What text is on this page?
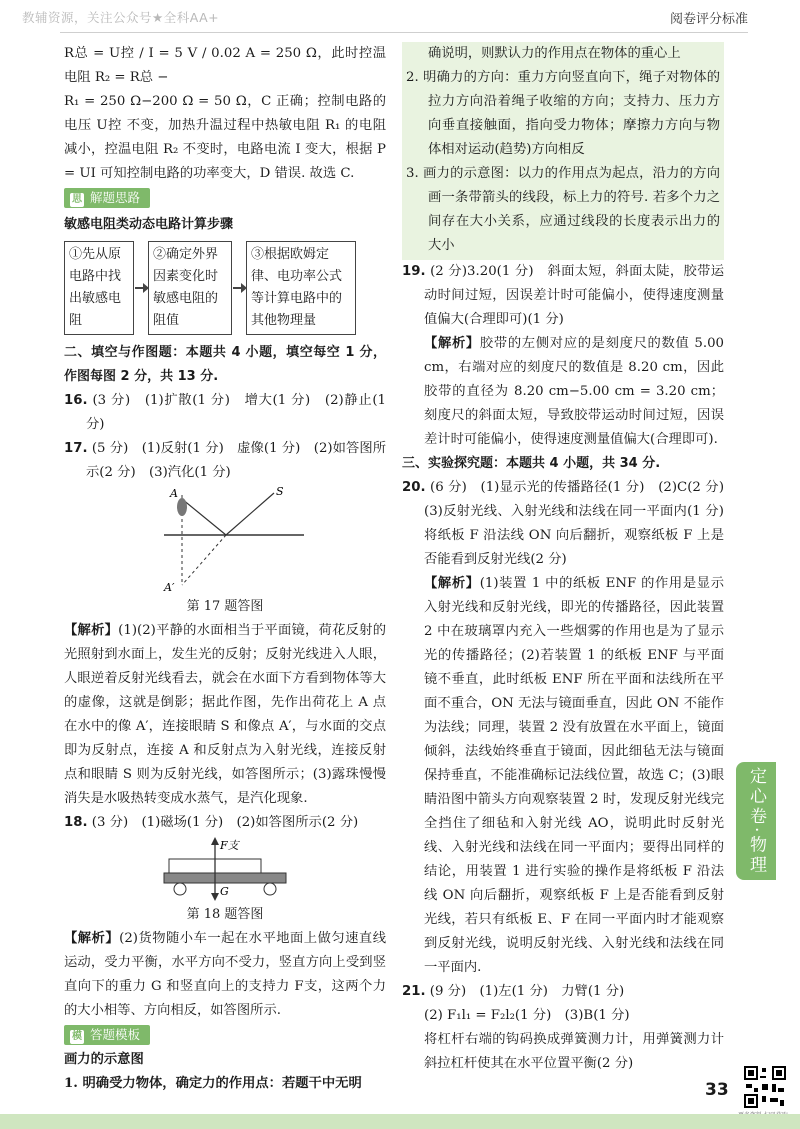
教辅资源，关注公众号★全科AA+	阅卷评分标准

R总 = U控 / I = 5 V / 0.02 A = 250 Ω，此时控温电阻 R₂ = R总 −

R₁ = 250 Ω−200 Ω = 50 Ω，C 正确；控制电路的电压 U控 不变，加热升温过程中热敏电阻 R₁ 的电阻减小，控温电阻 R₂ 不变时，电路电流 I 变大，根据 P = UI 可知控制电路的功率变大，D 错误. 故选 C.

思 解题思路
敏感电阻类动态电路计算步骤
①先从原电路中找出敏感电阻
②确定外界因素变化时敏感电阻的阻值
③根据欧姆定律、电功率公式等计算电路中的其他物理量

二、填空与作图题：本题共 4 小题，填空每空 1 分，作图每图 2 分，共 13 分.

16. (3 分)　(1)扩散(1 分)　增大(1 分)　(2)静止(1 分)

17. (5 分)　(1)反射(1 分)　虚像(1 分)　(2)如答图所示(2 分)　(3)汽化(1 分)

A	S
A′

第 17 题答图

【解析】(1)(2)平静的水面相当于平面镜，荷花反射的光照射到水面上，发生光的反射；反射光线进入人眼，人眼逆着反射光线看去，就会在水面下方看到物体等大的虚像，这就是倒影；据此作图，先作出荷花上 A 点在水中的像 A′，连接眼睛 S 和像点 A′，与水面的交点即为反射点，连接 A 和反射点为入射光线，连接反射点和眼睛 S 则为反射光线，如答图所示；(3)露珠慢慢消失是水吸热转变成水蒸气，是汽化现象.

18. (3 分)　(1)磁场(1 分)　(2)如答图所示(2 分)

F支
G

第 18 题答图

【解析】(2)货物随小车一起在水平地面上做匀速直线运动，受力平衡，水平方向不受力，竖直方向上受到竖直向下的重力 G 和竖直向上的支持力 F支，这两个力的大小相等、方向相反，如答图所示.

模 答题模板

画力的示意图

1. 明确受力物体，确定力的作用点：若题干中无明

确说明，则默认力的作用点在物体的重心上

2. 明确力的方向：重力方向竖直向下，绳子对物体的拉力方向沿着绳子收缩的方向；支持力、压力方向垂直接触面，指向受力物体；摩擦力方向与物体相对运动(趋势)方向相反

3. 画力的示意图：以力的作用点为起点，沿力的方向画一条带箭头的线段，标上力的符号. 若多个力之间存在大小关系，应通过线段的长度表示出力的大小

19. (2 分)3.20(1 分)　斜面太短，斜面太陡，胶带运动时间过短，因误差计时可能偏小，使得速度测量值偏大(合理即可)(1 分)

【解析】胶带的左侧对应的是刻度尺的数值 5.00 cm，右端对应的刻度尺的数值是 8.20 cm，因此胶带的直径为 8.20 cm−5.00 cm = 3.20 cm；刻度尺的斜面太短，导致胶带运动时间过短，因误差计时可能偏小，使得速度测量值偏大(合理即可).

三、实验探究题：本题共 4 小题，共 34 分.

20. (6 分)　(1)显示光的传播路径(1 分)　(2)C(2 分)　(3)反射光线、入射光线和法线在同一平面内(1 分)　将纸板 F 沿法线 ON 向后翻折，观察纸板 F 上是否能看到反射光线(2 分)

【解析】(1)装置 1 中的纸板 ENF 的作用是显示入射光线和反射光线，即光的传播路径，因此装置 2 中在玻璃罩内充入一些烟雾的作用也是为了显示光的传播路径；(2)若装置 1 的纸板 ENF 与平面镜不垂直，此时纸板 ENF 所在平面和法线所在平面不重合，ON 无法与镜面垂直，因此 ON 不能作为法线；同理，装置 2 没有放置在水平面上，镜面倾斜，法线始终垂直于镜面，因此细毡无法与镜面保持垂直，不能准确标记法线位置，故选 C；(3)眼睛沿图中箭头方向观察装置 2 时，发现反射光线完全挡住了细毡和入射光线 AO，说明此时反射光线、入射光线和法线在同一平面内；要得出同样的结论，用装置 1 进行实验的操作是将纸板 F 沿法线 ON 向后翻折，观察纸板 F 上是否能看到反射光线，若只有纸板 E、F 在同一平面内时才能观察到反射光线，说明反射光线、入射光线和法线在同一平面内.

21. (9 分)　(1)左(1 分)　力臂(1 分)

(2) F₁l₁ = F₂l₂(1 分)　(3)B(1 分)

将杠杆右端的钩码换成弹簧测力计，用弹簧测力计斜拉杠杆使其在水平位置平衡(2 分)

定心卷·物理
33
